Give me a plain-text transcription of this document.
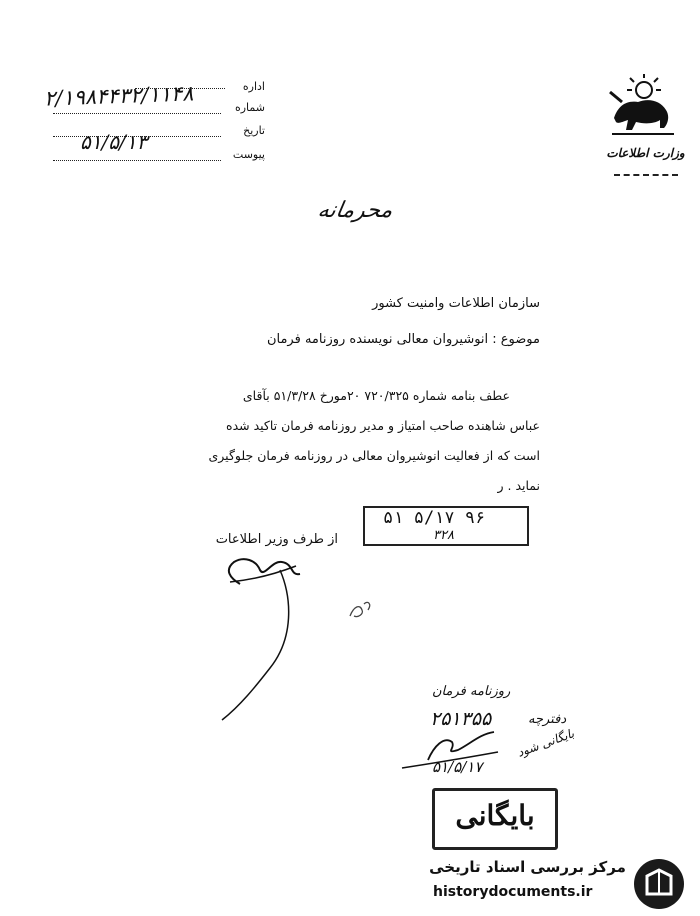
اداره
شماره
تاریخ
پیوست
۲/۱۹۸۴۴۳۲/۱۱۴۸
۵۱/۵/۱۳	وزارت اطلاعات
محرمانه
سازمان اطلاعات وامنیت کشور
موضوع : انوشیروان معالی نویسنده روزنامه فرمان
عطف بنامه شماره ۷۲۰/۳۲۵ ۲۰مورخ ۵۱/۳/۲۸ بآقای
عباس شاهنده صاحب امتیاز و مدیر روزنامه فرمان تاکید شده
است که از فعالیت انوشیروان معالی در روزنامه فرمان جلوگیری
نماید . ر
۵۱ ۵/۱۷ ۹۶
۳۲۸
از طرف وزیر اطلاعات
روزنامه فرمان
۲۵۱۳۵۵	دفترچه
بایگانی شود
۵۱/۵/۱۷
بایگانی
مرکز بررسی اسناد تاریخی
historydocuments.ir
